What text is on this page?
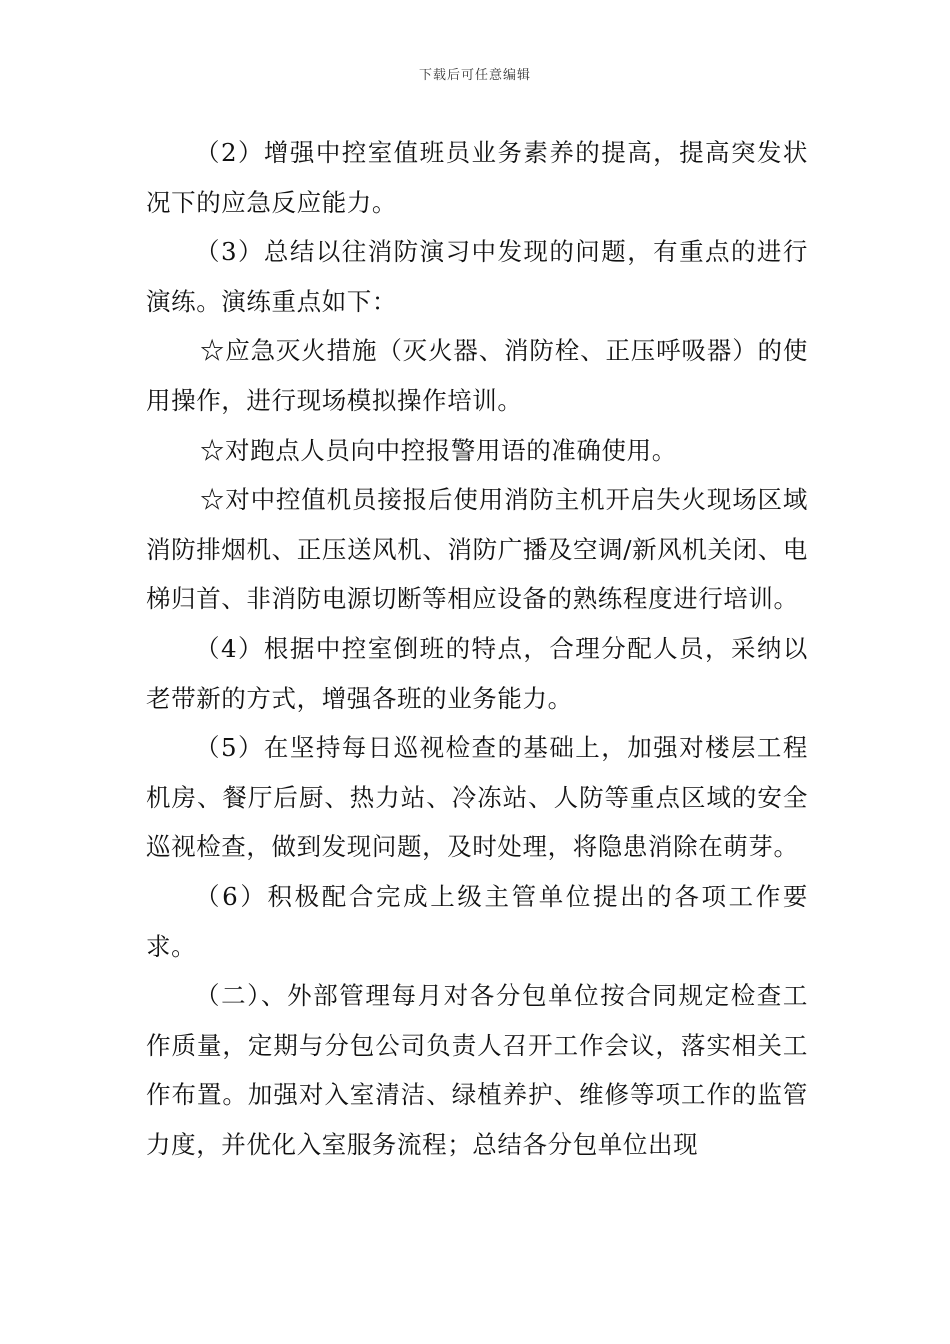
下载后可任意编辑

（2）增强中控室值班员业务素养的提高，提高突发状况下的应急反应能力。

（3）总结以往消防演习中发现的问题，有重点的进行演练。演练重点如下：

☆应急灭火措施（灭火器、消防栓、正压呼吸器）的使用操作，进行现场模拟操作培训。

☆对跑点人员向中控报警用语的准确使用。

☆对中控值机员接报后使用消防主机开启失火现场区域消防排烟机、正压送风机、消防广播及空调/新风机关闭、电梯归首、非消防电源切断等相应设备的熟练程度进行培训。

（4）根据中控室倒班的特点，合理分配人员，采纳以老带新的方式，增强各班的业务能力。

（5）在坚持每日巡视检查的基础上，加强对楼层工程机房、餐厅后厨、热力站、冷冻站、人防等重点区域的安全巡视检查，做到发现问题，及时处理，将隐患消除在萌芽。

（6）积极配合完成上级主管单位提出的各项工作要求。

（二）、外部管理每月对各分包单位按合同规定检查工作质量，定期与分包公司负责人召开工作会议，落实相关工作布置。加强对入室清洁、绿植养护、维修等项工作的监管力度，并优化入室服务流程；总结各分包单位出现
